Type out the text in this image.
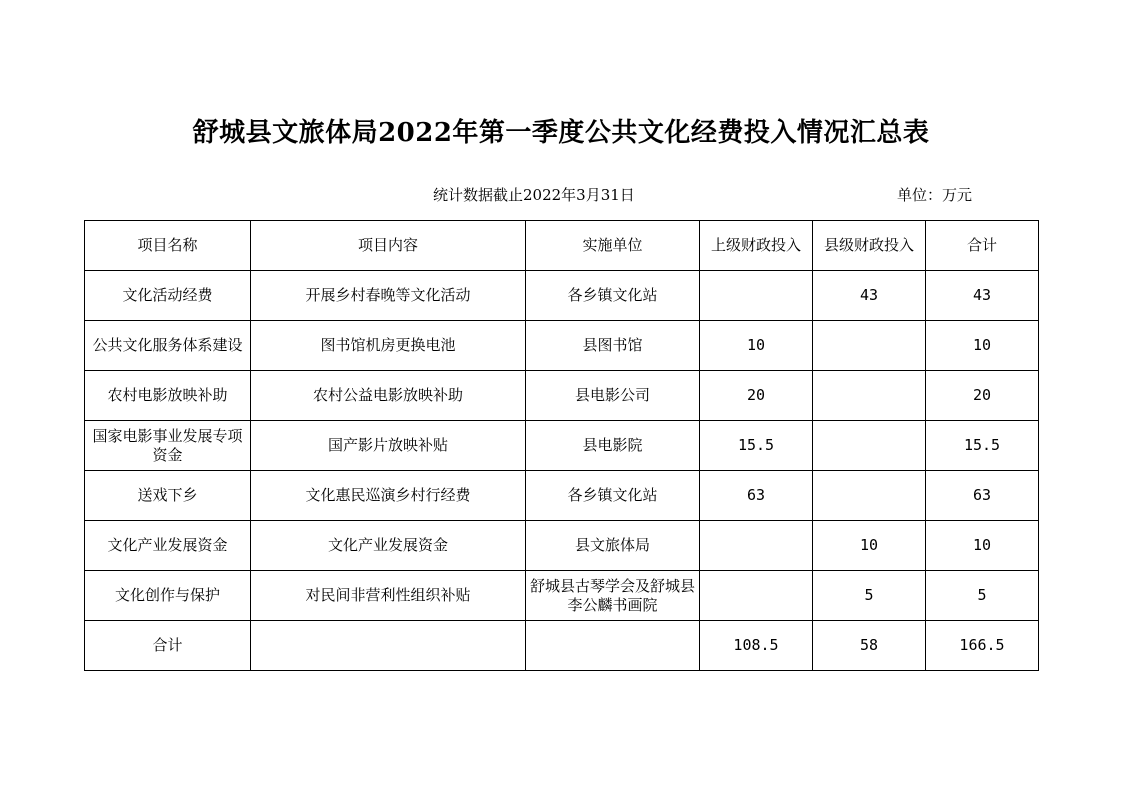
舒城县文旅体局2022年第一季度公共文化经费投入情况汇总表
统计数据截止2022年3月31日	单位：万元
项目名称	项目内容	实施单位	上级财政投入	县级财政投入	合计
文化活动经费	开展乡村春晚等文化活动	各乡镇文化站		43	43
公共文化服务体系建设	图书馆机房更换电池	县图书馆	10		10
农村电影放映补助	农村公益电影放映补助	县电影公司	20		20
国家电影事业发展专项资金	国产影片放映补贴	县电影院	15.5		15.5
送戏下乡	文化惠民巡演乡村行经费	各乡镇文化站	63		63
文化产业发展资金	文化产业发展资金	县文旅体局		10	10
文化创作与保护	对民间非营利性组织补贴	舒城县古琴学会及舒城县李公麟书画院		5	5
合计			108.5	58	166.5
